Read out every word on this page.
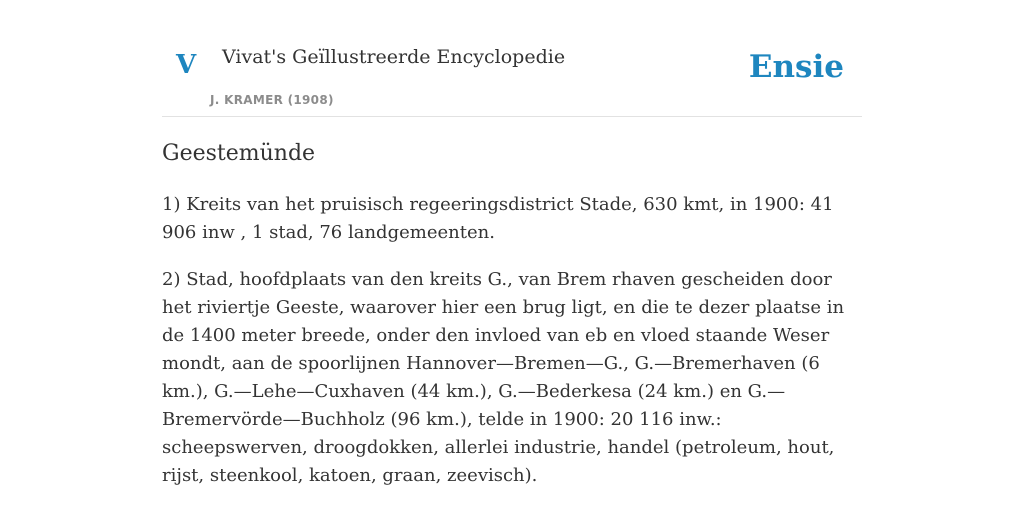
V Vivat's Geïllustreerde Encyclopedie
J. KRAMER (1908)
Ensie
Geestemünde

1) Kreits van het pruisisch regeeringsdistrict Stade, 630 kmt, in 1900: 41 906 inw , 1 stad, 76 landgemeenten.

2) Stad, hoofdplaats van den kreits G., van Brem rhaven gescheiden door het riviertje Geeste, waarover hier een brug ligt, en die te dezer plaatse in de 1400 meter breede, onder den invloed van eb en vloed staande Weser mondt, aan de spoorlijnen Hannover—Bremen—G., G.—Bremerhaven (6 km.), G.—Lehe—Cuxhaven (44 km.), G.—Bederkesa (24 km.) en G.—Bremervörde—Buchholz (96 km.), telde in 1900: 20 116 inw.: scheepswerven, droogdokken, allerlei industrie, handel (petroleum, hout, rijst, steenkool, katoen, graan, zeevisch).
